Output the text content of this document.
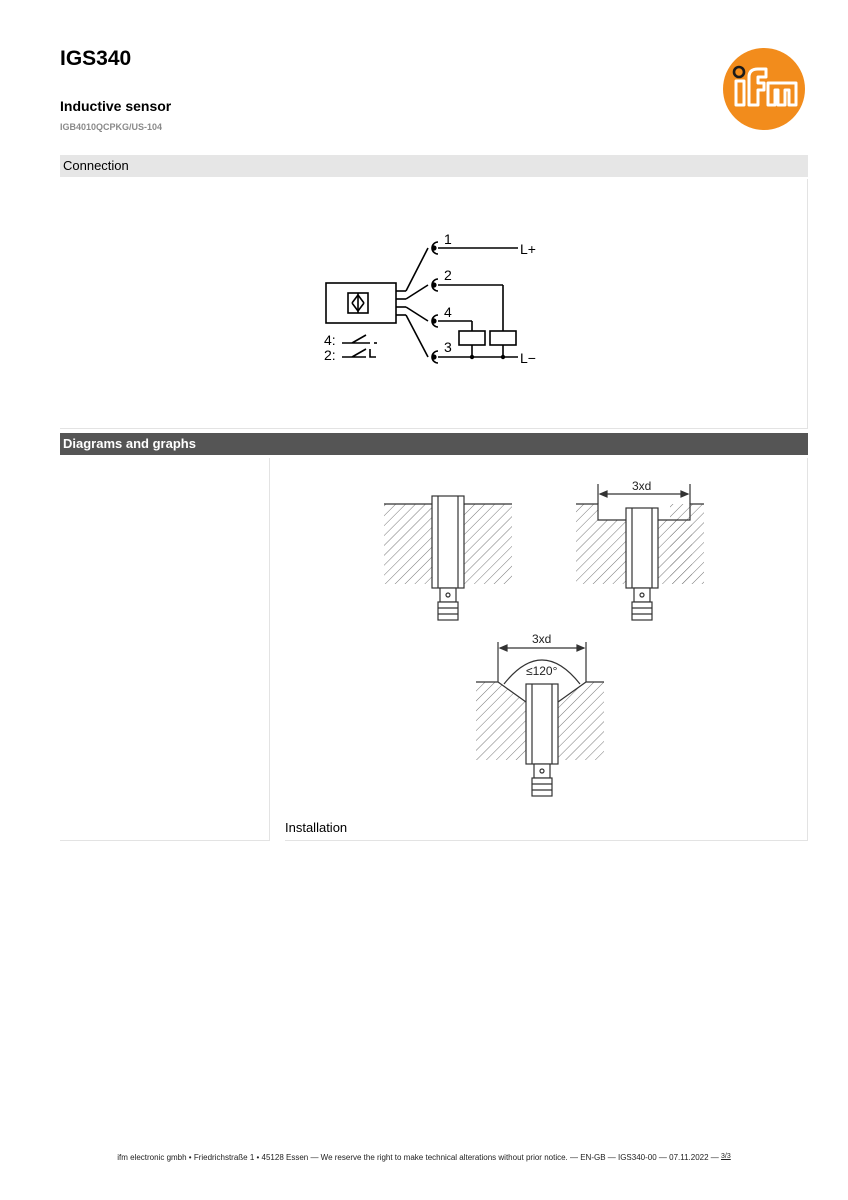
IGS340
Inductive sensor
IGB4010QCPKG/US-104
Connection
1
2
4
3
L+
L−
4:
2:
Diagrams and graphs
3xd
3xd
≤120°
Installation
ifm electronic gmbh • Friedrichstraße 1 • 45128 Essen — We reserve the right to make technical alterations without prior notice. — EN-GB — IGS340-00 — 07.11.2022 — 3/3
